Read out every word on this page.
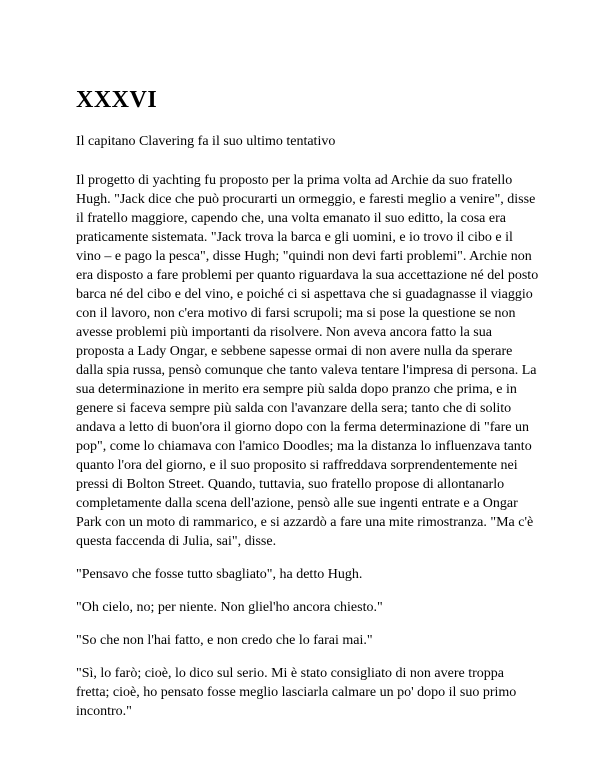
XXXVI

Il capitano Clavering fa il suo ultimo tentativo

Il progetto di yachting fu proposto per la prima volta ad Archie da suo fratello Hugh. "Jack dice che può procurarti un ormeggio, e faresti meglio a venire", disse il fratello maggiore, capendo che, una volta emanato il suo editto, la cosa era praticamente sistemata. "Jack trova la barca e gli uomini, e io trovo il cibo e il vino – e pago la pesca", disse Hugh; "quindi non devi farti problemi". Archie non era disposto a fare problemi per quanto riguardava la sua accettazione né del posto barca né del cibo e del vino, e poiché ci si aspettava che si guadagnasse il viaggio con il lavoro, non c'era motivo di farsi scrupoli; ma si pose la questione se non avesse problemi più importanti da risolvere. Non aveva ancora fatto la sua proposta a Lady Ongar, e sebbene sapesse ormai di non avere nulla da sperare dalla spia russa, pensò comunque che tanto valeva tentare l'impresa di persona. La sua determinazione in merito era sempre più salda dopo pranzo che prima, e in genere si faceva sempre più salda con l'avanzare della sera; tanto che di solito andava a letto di buon'ora il giorno dopo con la ferma determinazione di "fare un pop", come lo chiamava con l'amico Doodles; ma la distanza lo influenzava tanto quanto l'ora del giorno, e il suo proposito si raffreddava sorprendentemente nei pressi di Bolton Street. Quando, tuttavia, suo fratello propose di allontanarlo completamente dalla scena dell'azione, pensò alle sue ingenti entrate e a Ongar Park con un moto di rammarico, e si azzardò a fare una mite rimostranza. "Ma c'è questa faccenda di Julia, sai", disse.

"Pensavo che fosse tutto sbagliato", ha detto Hugh.

"Oh cielo, no; per niente. Non gliel'ho ancora chiesto."

"So che non l'hai fatto, e non credo che lo farai mai."

"Sì, lo farò; cioè, lo dico sul serio. Mi è stato consigliato di non avere troppa fretta; cioè, ho pensato fosse meglio lasciarla calmare un po' dopo il suo primo incontro."
